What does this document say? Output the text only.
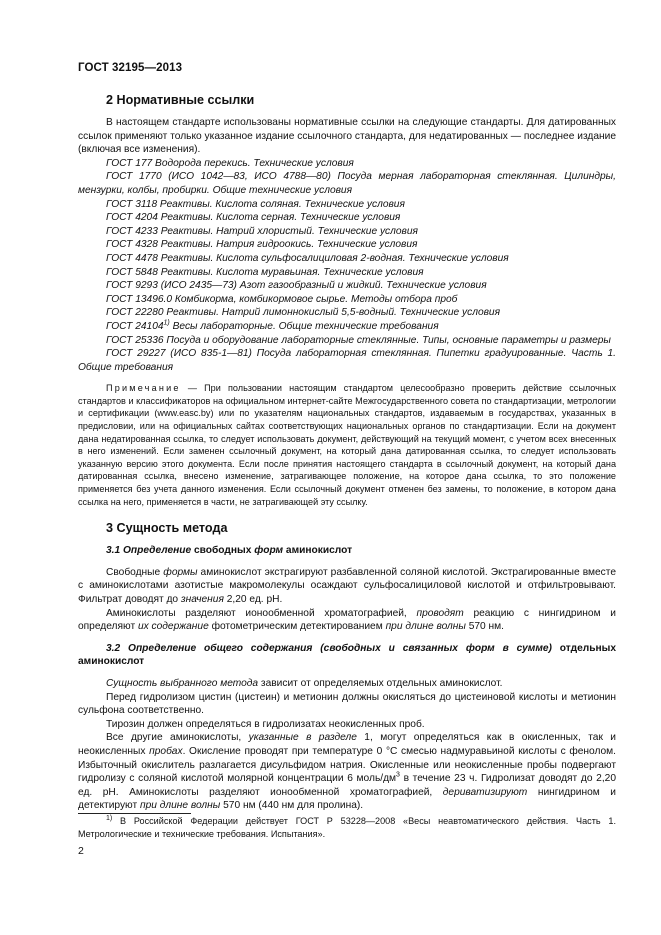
ГОСТ 32195—2013
2 Нормативные ссылки

В настоящем стандарте использованы нормативные ссылки на следующие стандарты. Для датированных ссылок применяют только указанное издание ссылочного стандарта, для недатированных — последнее издание (включая все изменения).

ГОСТ 177 Водорода перекись. Технические условия

ГОСТ 1770 (ИСО 1042—83, ИСО 4788—80) Посуда мерная лабораторная стеклянная. Цилиндры, мензурки, колбы, пробирки. Общие технические условия

ГОСТ 3118 Реактивы. Кислота соляная. Технические условия

ГОСТ 4204 Реактивы. Кислота серная. Технические условия

ГОСТ 4233 Реактивы. Натрий хлористый. Технические условия

ГОСТ 4328 Реактивы. Натрия гидроокись. Технические условия

ГОСТ 4478 Реактивы. Кислота сульфосалициловая 2-водная. Технические условия

ГОСТ 5848 Реактивы. Кислота муравьиная. Технические условия

ГОСТ 9293 (ИСО 2435—73) Азот газообразный и жидкий. Технические условия

ГОСТ 13496.0 Комбикорма, комбикормовое сырье. Методы отбора проб

ГОСТ 22280 Реактивы. Натрий лимоннокислый 5,5-водный. Технические условия

ГОСТ 24104$^{1)}$ Весы лабораторные. Общие технические требования

ГОСТ 25336 Посуда и оборудование лабораторные стеклянные. Типы, основные параметры и размеры

ГОСТ 29227 (ИСО 835-1—81) Посуда лабораторная стеклянная. Пипетки градуированные. Часть 1. Общие требования

Примечание — При пользовании настоящим стандартом целесообразно проверить действие ссылочных стандартов и классификаторов на официальном интернет-сайте Межгосударственного совета по стандартизации, метрологии и сертификации (www.easc.by) или по указателям национальных стандартов, издаваемым в государствах, указанных в предисловии, или на официальных сайтах соответствующих национальных органов по стандартизации. Если на документ дана недатированная ссылка, то следует использовать документ, действующий на текущий момент, с учетом всех внесенных в него изменений. Если заменен ссылочный документ, на который дана датированная ссылка, то следует использовать указанную версию этого документа. Если после принятия настоящего стандарта в ссылочный документ, на который дана датированная ссылка, внесено изменение, затрагивающее положение, на которое дана ссылка, то это положение применяется без учета данного изменения. Если ссылочный документ отменен без замены, то положение, в котором дана ссылка на него, применяется в части, не затрагивающей эту ссылку.

3 Сущность метода

3.1 Определение свободных форм аминокислот

Свободные формы аминокислот экстрагируют разбавленной соляной кислотой. Экстрагированные вместе с аминокислотами азотистые макромолекулы осаждают сульфосалициловой кислотой и отфильтровывают. Фильтрат доводят до значения 2,20 ед. рН.

Аминокислоты разделяют ионообменной хроматографией, проводят реакцию с нингидрином и определяют их содержание фотометрическим детектированием при длине волны 570 нм.

3.2 Определение общего содержания (свободных и связанных форм в сумме) отдельных аминокислот

Сущность выбранного метода зависит от определяемых отдельных аминокислот.

Перед гидролизом цистин (цистеин) и метионин должны окисляться до цистеиновой кислоты и метионин сульфона соответственно.

Тирозин должен определяться в гидролизатах неокисленных проб.

Все другие аминокислоты, указанные в разделе 1, могут определяться как в окисленных, так и неокисленных пробах. Окисление проводят при температуре 0 °С смесью надмуравьиной кислоты с фенолом. Избыточный окислитель разлагается дисульфидом натрия. Окисленные или неокисленные пробы подвергают гидролизу с соляной кислотой молярной концентрации 6 моль/$дм^3$ в течение 23 ч. Гидролизат доводят до 2,20 ед. рН. Аминокислоты разделяют ионообменной хроматографией, дериватизируют нингидрином и детектируют при длине волны 570 нм (440 нм для пролина).

$^{1)}$ В Российской Федерации действует ГОСТ Р 53228—2008 «Весы неавтоматического действия. Часть 1. Метрологические и технические требования. Испытания».
2
